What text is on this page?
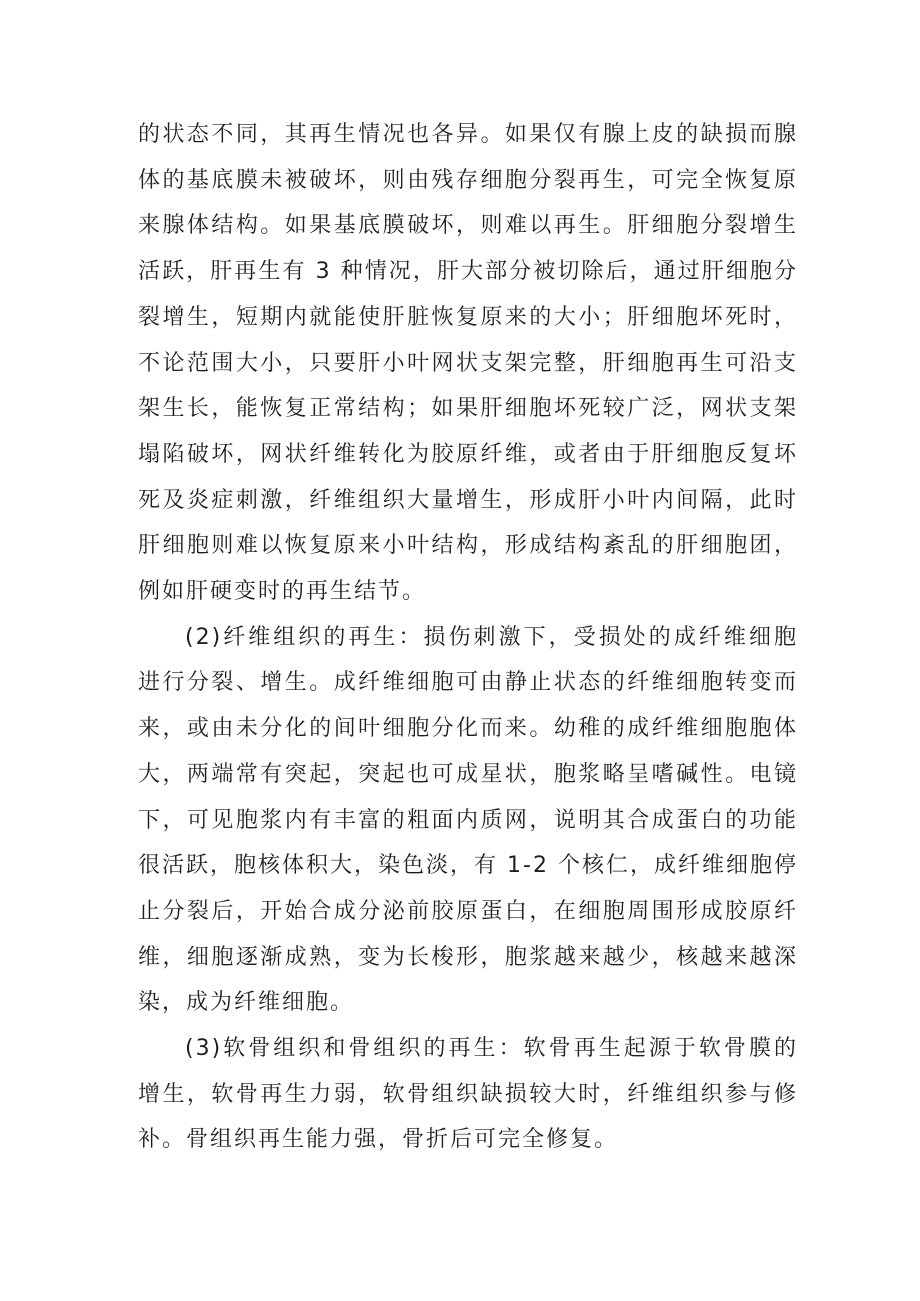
的状态不同，其再生情况也各异。如果仅有腺上皮的缺损而腺体的基底膜未被破坏，则由残存细胞分裂再生，可完全恢复原来腺体结构。如果基底膜破坏，则难以再生。肝细胞分裂增生活跃，肝再生有 3 种情况，肝大部分被切除后，通过肝细胞分裂增生，短期内就能使肝脏恢复原来的大小；肝细胞坏死时，不论范围大小，只要肝小叶网状支架完整，肝细胞再生可沿支架生长，能恢复正常结构；如果肝细胞坏死较广泛，网状支架塌陷破坏，网状纤维转化为胶原纤维，或者由于肝细胞反复坏死及炎症刺激，纤维组织大量增生，形成肝小叶内间隔，此时肝细胞则难以恢复原来小叶结构，形成结构紊乱的肝细胞团，例如肝硬变时的再生结节。

(2)纤维组织的再生：损伤刺激下，受损处的成纤维细胞进行分裂、增生。成纤维细胞可由静止状态的纤维细胞转变而来，或由未分化的间叶细胞分化而来。幼稚的成纤维细胞胞体大，两端常有突起，突起也可成星状，胞浆略呈嗜碱性。电镜下，可见胞浆内有丰富的粗面内质网，说明其合成蛋白的功能很活跃，胞核体积大，染色淡，有 1-2 个核仁，成纤维细胞停止分裂后，开始合成分泌前胶原蛋白，在细胞周围形成胶原纤维，细胞逐渐成熟，变为长梭形，胞浆越来越少，核越来越深染，成为纤维细胞。

(3)软骨组织和骨组织的再生：软骨再生起源于软骨膜的增生，软骨再生力弱，软骨组织缺损较大时，纤维组织参与修补。骨组织再生能力强，骨折后可完全修复。
